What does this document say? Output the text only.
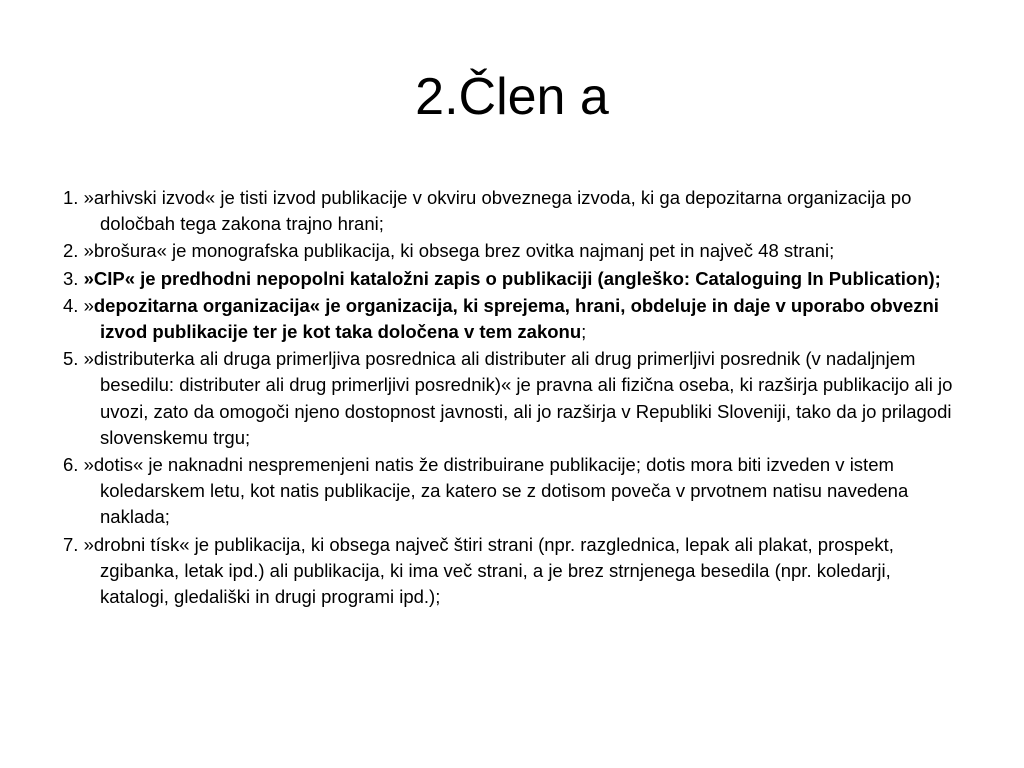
2.Člen a
1. »arhivski izvod« je tisti izvod publikacije v okviru obveznega izvoda, ki ga depozitarna organizacija po določbah tega zakona trajno hrani;
2. »brošura« je monografska publikacija, ki obsega brez ovitka najmanj pet in največ 48 strani;
3. »CIP« je predhodni nepopolni kataložni zapis o publikaciji (angleško: Cataloguing In Publication);
4. »depozitarna organizacija« je organizacija, ki sprejema, hrani, obdeluje in daje v uporabo obvezni izvod publikacije ter je kot taka določena v tem zakonu;
5. »distributerka ali druga primerljiva posrednica ali distributer ali drug primerljivi posrednik (v nadaljnjem besedilu: distributer ali drug primerljivi posrednik)« je pravna ali fizična oseba, ki razširja publikacijo ali jo uvozi, zato da omogoči njeno dostopnost javnosti, ali jo razširja v Republiki Sloveniji, tako da jo prilagodi slovenskemu trgu;
6. »dotis« je naknadni nespremenjeni natis že distribuirane publikacije; dotis mora biti izveden v istem koledarskem letu, kot natis publikacije, za katero se z dotisom poveča v prvotnem natisu navedena naklada;
7. »drobni tísk« je publikacija, ki obsega največ štiri strani (npr. razglednica, lepak ali plakat, prospekt, zgibanka, letak ipd.) ali publikacija, ki ima več strani, a je brez strnjenega besedila (npr. koledarji, katalogi, gledališki in drugi programi ipd.);
